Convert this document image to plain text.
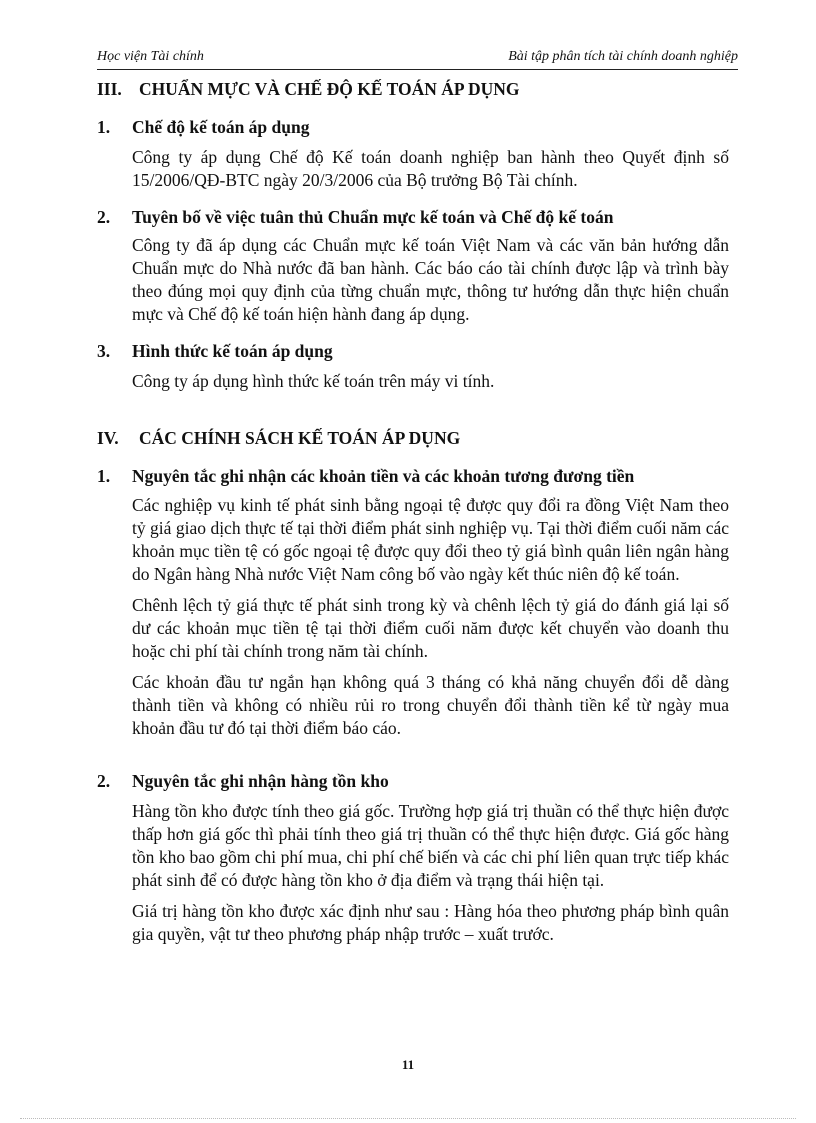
Học viện Tài chính	Bài tập phân tích tài chính doanh nghiệp
III. CHUẨN MỰC VÀ CHẾ ĐỘ KẾ TOÁN ÁP DỤNG
1. Chế độ kế toán áp dụng

Công ty áp dụng Chế độ Kế toán doanh nghiệp ban hành theo Quyết định số 15/2006/QĐ-BTC ngày 20/3/2006 của Bộ trưởng Bộ Tài chính.

2. Tuyên bố về việc tuân thủ Chuẩn mực kế toán và Chế độ kế toán

Công ty đã áp dụng các Chuẩn mực kế toán Việt Nam và các văn bản hướng dẫn Chuẩn mực do Nhà nước đã ban hành. Các báo cáo tài chính được lập và trình bày theo đúng mọi quy định của từng chuẩn mực, thông tư hướng dẫn thực hiện chuẩn mực và Chế độ kế toán hiện hành đang áp dụng.

3. Hình thức kế toán áp dụng

Công ty áp dụng hình thức kế toán trên máy vi tính.

IV. CÁC CHÍNH SÁCH KẾ TOÁN ÁP DỤNG
1. Nguyên tắc ghi nhận các khoản tiền và các khoản tương đương tiền

Các nghiệp vụ kinh tế phát sinh bằng ngoại tệ được quy đổi ra đồng Việt Nam theo tỷ giá giao dịch thực tế tại thời điểm phát sinh nghiệp vụ. Tại thời điểm cuối năm các khoản mục tiền tệ có gốc ngoại tệ được quy đổi theo tỷ giá bình quân liên ngân hàng do Ngân hàng Nhà nước Việt Nam công bố vào ngày kết thúc niên độ kế toán.

Chênh lệch tỷ giá thực tế phát sinh trong kỳ và chênh lệch tỷ giá do đánh giá lại số dư các khoản mục tiền tệ tại thời điểm cuối năm được kết chuyển vào doanh thu hoặc chi phí tài chính trong năm tài chính.

Các khoản đầu tư ngắn hạn không quá 3 tháng có khả năng chuyển đổi dễ dàng thành tiền và không có nhiều rủi ro trong chuyển đổi thành tiền kể từ ngày mua khoản đầu tư đó tại thời điểm báo cáo.

2. Nguyên tắc ghi nhận hàng tồn kho

Hàng tồn kho được tính theo giá gốc. Trường hợp giá trị thuần có thể thực hiện được thấp hơn giá gốc thì phải tính theo giá trị thuần có thể thực hiện được. Giá gốc hàng tồn kho bao gồm chi phí mua, chi phí chế biến và các chi phí liên quan trực tiếp khác phát sinh để có được hàng tồn kho ở địa điểm và trạng thái hiện tại.

Giá trị hàng tồn kho được xác định như sau : Hàng hóa theo phương pháp bình quân gia quyền, vật tư theo phương pháp nhập trước – xuất trước.

11
